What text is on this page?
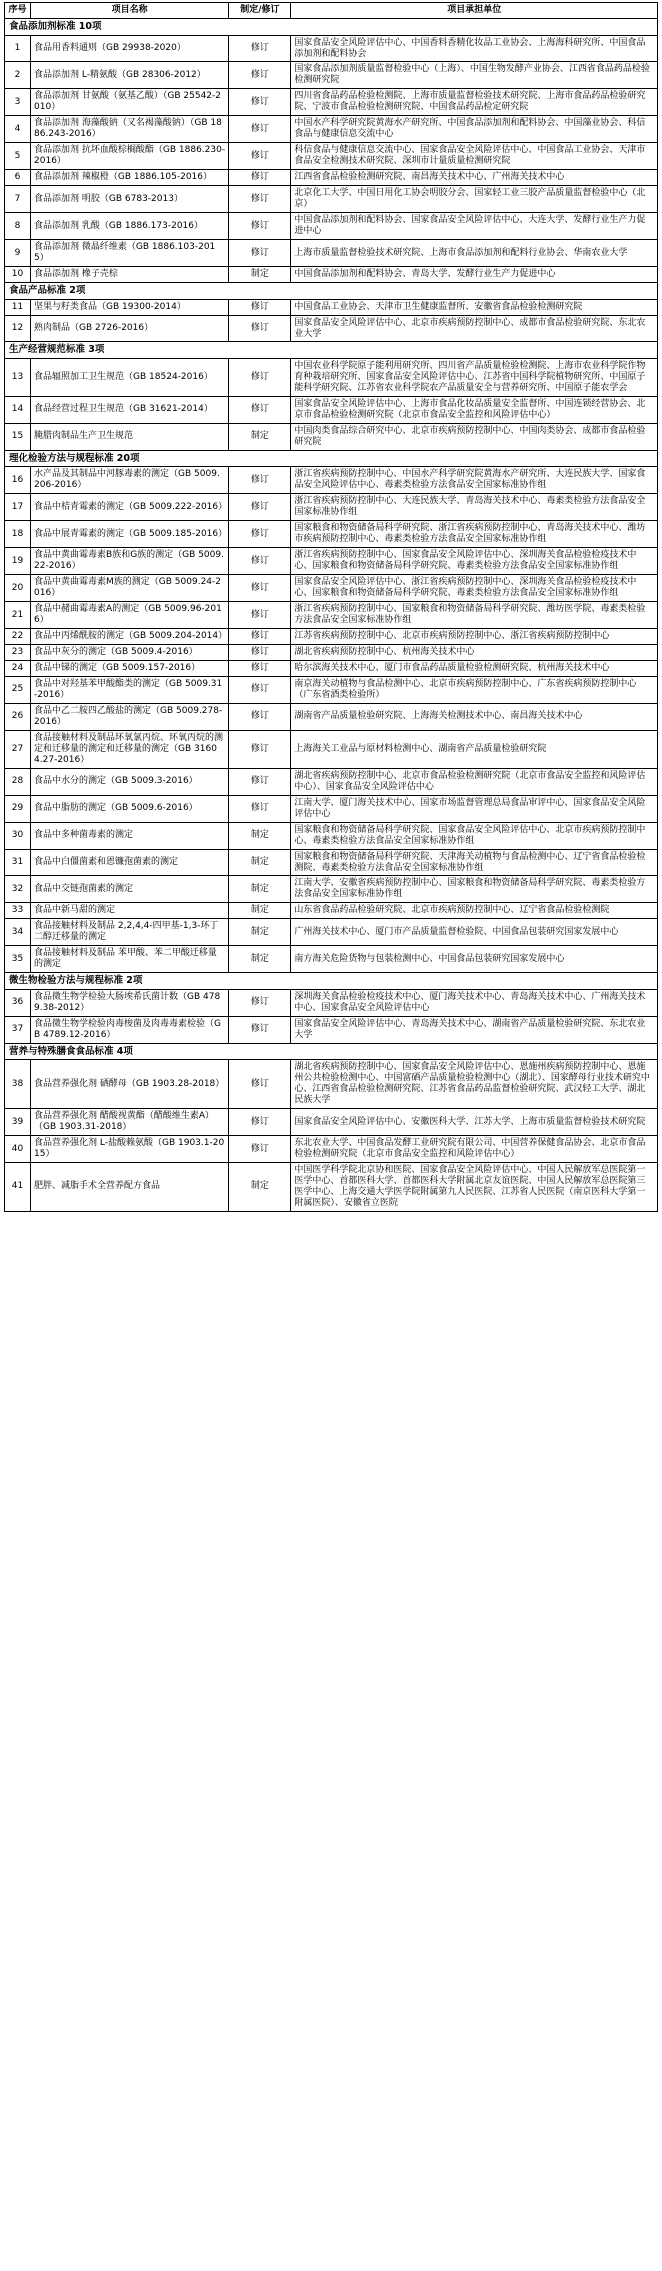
序号	项目名称	制定/修订	项目承担单位
食品添加剂标准 10项			
1	食品用香料通则（GB 29938-2020）	修订	国家食品安全风险评估中心、中国香料香精化妆品工业协会、上海海科研究所、中国食品添加剂和配料协会
2	食品添加剂 L-精氨酸（GB 28306-2012）	修订	国家食品添加剂质量监督检验中心（上海）、中国生物发酵产业协会、江西省食品药品检验检测研究院
3	食品添加剂 甘氨酸（氨基乙酸）（GB 25542-2010）	修订	四川省食品药品检验检测院、上海市质量监督检验技术研究院、上海市食品药品检验研究院、宁波市食品检验检测研究院、中国食品药品检定研究院
4	食品添加剂 海藻酸钠（又名褐藻酸钠）（GB 1886.243-2016）	修订	中国水产科学研究院黄海水产研究所、中国食品添加剂和配料协会、中国藻业协会、科信食品与健康信息交流中心
5	食品添加剂 抗坏血酸棕榈酸酯（GB 1886.230-2016）	修订	科信食品与健康信息交流中心、国家食品安全风险评估中心、中国食品工业协会、天津市食品安全检测技术研究院、深圳市计量质量检测研究院
6	食品添加剂 辣椒橙（GB 1886.105-2016）	修订	江西省食品检验检测研究院、南昌海关技术中心、广州海关技术中心
7	食品添加剂 明胶（GB 6783-2013）	修订	北京化工大学、中国日用化工协会明胶分会、国家轻工业三胶产品质量监督检验中心（北京）
8	食品添加剂 乳酸（GB 1886.173-2016）	修订	中国食品添加剂和配料协会、国家食品安全风险评估中心、大连大学、发酵行业生产力促进中心
9	食品添加剂 微晶纤维素（GB 1886.103-2015）	修订	上海市质量监督检验技术研究院、上海市食品添加剂和配料行业协会、华南农业大学
10	食品添加剂 橡子壳棕	制定	中国食品添加剂和配料协会、青岛大学、发酵行业生产力促进中心
食品产品标准 2项			
11	坚果与籽类食品（GB 19300-2014）	修订	中国食品工业协会、天津市卫生健康监督所、安徽省食品检验检测研究院
12	熟肉制品（GB 2726-2016）	修订	国家食品安全风险评估中心、北京市疾病预防控制中心、成都市食品检验研究院、东北农业大学
生产经营规范标准 3项			
13	食品辐照加工卫生规范（GB 18524-2016）	修订	中国农业科学院原子能利用研究所、四川省产品质量检验检测院、上海市农业科学院作物育种栽培研究所、国家食品安全风险评估中心、江苏省中国科学院植物研究所、中国原子能科学研究院、江苏省农业科学院农产品质量安全与营养研究所、中国原子能农学会
14	食品经营过程卫生规范（GB 31621-2014）	修订	国家食品安全风险评估中心、上海市食品化妆品质量安全监督所、中国连锁经营协会、北京市食品检验检测研究院（北京市食品安全监控和风险评估中心）
15	腌腊肉制品生产卫生规范	制定	中国肉类食品综合研究中心、北京市疾病预防控制中心、中国肉类协会、成都市食品检验研究院
理化检验方法与规程标准 20项			
16	水产品及其制品中河豚毒素的测定（GB 5009.206-2016）	修订	浙江省疾病预防控制中心、中国水产科学研究院黄海水产研究所、大连民族大学、国家食品安全风险评估中心、毒素类检验方法食品安全国家标准协作组
17	食品中桔青霉素的测定（GB 5009.222-2016）	修订	浙江省疾病预防控制中心、大连民族大学、青岛海关技术中心、毒素类检验方法食品安全国家标准协作组
18	食品中展青霉素的测定（GB 5009.185-2016）	修订	国家粮食和物资储备局科学研究院、浙江省疾病预防控制中心、青岛海关技术中心、潍坊市疾病预防控制中心、毒素类检验方法食品安全国家标准协作组
19	食品中黄曲霉毒素B族和G族的测定（GB 5009.22-2016）	修订	浙江省疾病预防控制中心、国家食品安全风险评估中心、深圳海关食品检验检疫技术中心、国家粮食和物资储备局科学研究院、毒素类检验方法食品安全国家标准协作组
20	食品中黄曲霉毒素M族的测定（GB 5009.24-2016）	修订	国家食品安全风险评估中心、浙江省疾病预防控制中心、深圳海关食品检验检疫技术中心、国家粮食和物资储备局科学研究院、毒素类检验方法食品安全国家标准协作组
21	食品中赭曲霉毒素A的测定（GB 5009.96-2016）	修订	浙江省疾病预防控制中心、国家粮食和物资储备局科学研究院、潍坊医学院、毒素类检验方法食品安全国家标准协作组
22	食品中丙烯酰胺的测定（GB 5009.204-2014）	修订	江苏省疾病预防控制中心、北京市疾病预防控制中心、浙江省疾病预防控制中心
23	食品中灰分的测定（GB 5009.4-2016）	修订	湖北省疾病预防控制中心、杭州海关技术中心
24	食品中锑的测定（GB 5009.157-2016）	修订	哈尔滨海关技术中心、厦门市食品药品质量检验检测研究院、杭州海关技术中心
25	食品中对羟基苯甲酸酯类的测定（GB 5009.31-2016）	修订	南京海关动植物与食品检测中心、北京市疾病预防控制中心、广东省疾病预防控制中心（广东省酒类检验所）
26	食品中乙二胺四乙酸盐的测定（GB 5009.278-2016）	修订	湖南省产品质量检验研究院、上海海关检测技术中心、南昌海关技术中心
27	食品接触材料及制品环氧氯丙烷、环氧丙烷的测定和迁移量的测定和迁移量的测定（GB 31604.27-2016）	修订	上海海关工业品与原材料检测中心、湖南省产品质量检验研究院
28	食品中水分的测定（GB 5009.3-2016）	修订	湖北省疾病预防控制中心、北京市食品检验检测研究院（北京市食品安全监控和风险评估中心）、国家食品安全风险评估中心
29	食品中脂肪的测定（GB 5009.6-2016）	修订	江南大学、厦门海关技术中心、国家市场监督管理总局食品审评中心、国家食品安全风险评估中心
30	食品中多种菌毒素的测定	制定	国家粮食和物资储备局科学研究院、国家食品安全风险评估中心、北京市疾病预防控制中心、毒素类检验方法食品安全国家标准协作组
31	食品中白僵菌素和恩镰孢菌素的测定	制定	国家粮食和物资储备局科学研究院、天津海关动植物与食品检测中心、辽宁省食品检验检测院、毒素类检验方法食品安全国家标准协作组
32	食品中交链孢菌素的测定	制定	江南大学、安徽省疾病预防控制中心、国家粮食和物资储备局科学研究院、毒素类检验方法食品安全国家标准协作组
33	食品中新马甜的测定	制定	山东省食品药品检验研究院、北京市疾病预防控制中心、辽宁省食品检验检测院
34	食品接触材料及制品 2,2,4,4-四甲基-1,3-环丁二醇迁移量的测定	制定	广州海关技术中心、厦门市产品质量监督检验院、中国食品包装研究国家发展中心
35	食品接触材料及制品 苯甲酸、苯二甲酸迁移量的测定	制定	南方海关危险货物与包装检测中心、中国食品包装研究国家发展中心
微生物检验方法与规程标准 2项			
36	食品微生物学检验大肠埃希氏菌计数（GB 4789.38-2012）	修订	深圳海关食品检验检疫技术中心、厦门海关技术中心、青岛海关技术中心、广州海关技术中心、国家食品安全风险评估中心
37	食品微生物学检验肉毒梭菌及肉毒毒素检验（GB 4789.12-2016）	修订	国家食品安全风险评估中心、青岛海关技术中心、湖南省产品质量检验研究院、东北农业大学
营养与特殊膳食食品标准 4项			
38	食品营养强化剂 硒酵母（GB 1903.28-2018）	修订	湖北省疾病预防控制中心、国家食品安全风险评估中心、恩施州疾病预防控制中心、恩施州公共检验检测中心、中国富硒产品质量检验检测中心（湖北）、国家酵母行业技术研究中心、江西省食品检验检测研究院、江苏省食品药品监督检验研究院、武汉轻工大学、湖北民族大学
39	食品营养强化剂 醋酸视黄酯（醋酸维生素A）（GB 1903.31-2018）	修订	国家食品安全风险评估中心、安徽医科大学、江苏大学、上海市质量监督检验技术研究院
40	食品营养强化剂 L-盐酸赖氨酸（GB 1903.1-2015）	修订	东北农业大学、中国食品发酵工业研究院有限公司、中国营养保健食品协会、北京市食品检验检测研究院（北京市食品安全监控和风险评估中心）
41	肥胖、减脂手术全营养配方食品	制定	中国医学科学院北京协和医院、国家食品安全风险评估中心、中国人民解放军总医院第一医学中心、首都医科大学、首都医科大学附属北京友谊医院、中国人民解放军总医院第三医学中心、上海交通大学医学院附属第九人民医院、江苏省人民医院（南京医科大学第一附属医院）、安徽省立医院
